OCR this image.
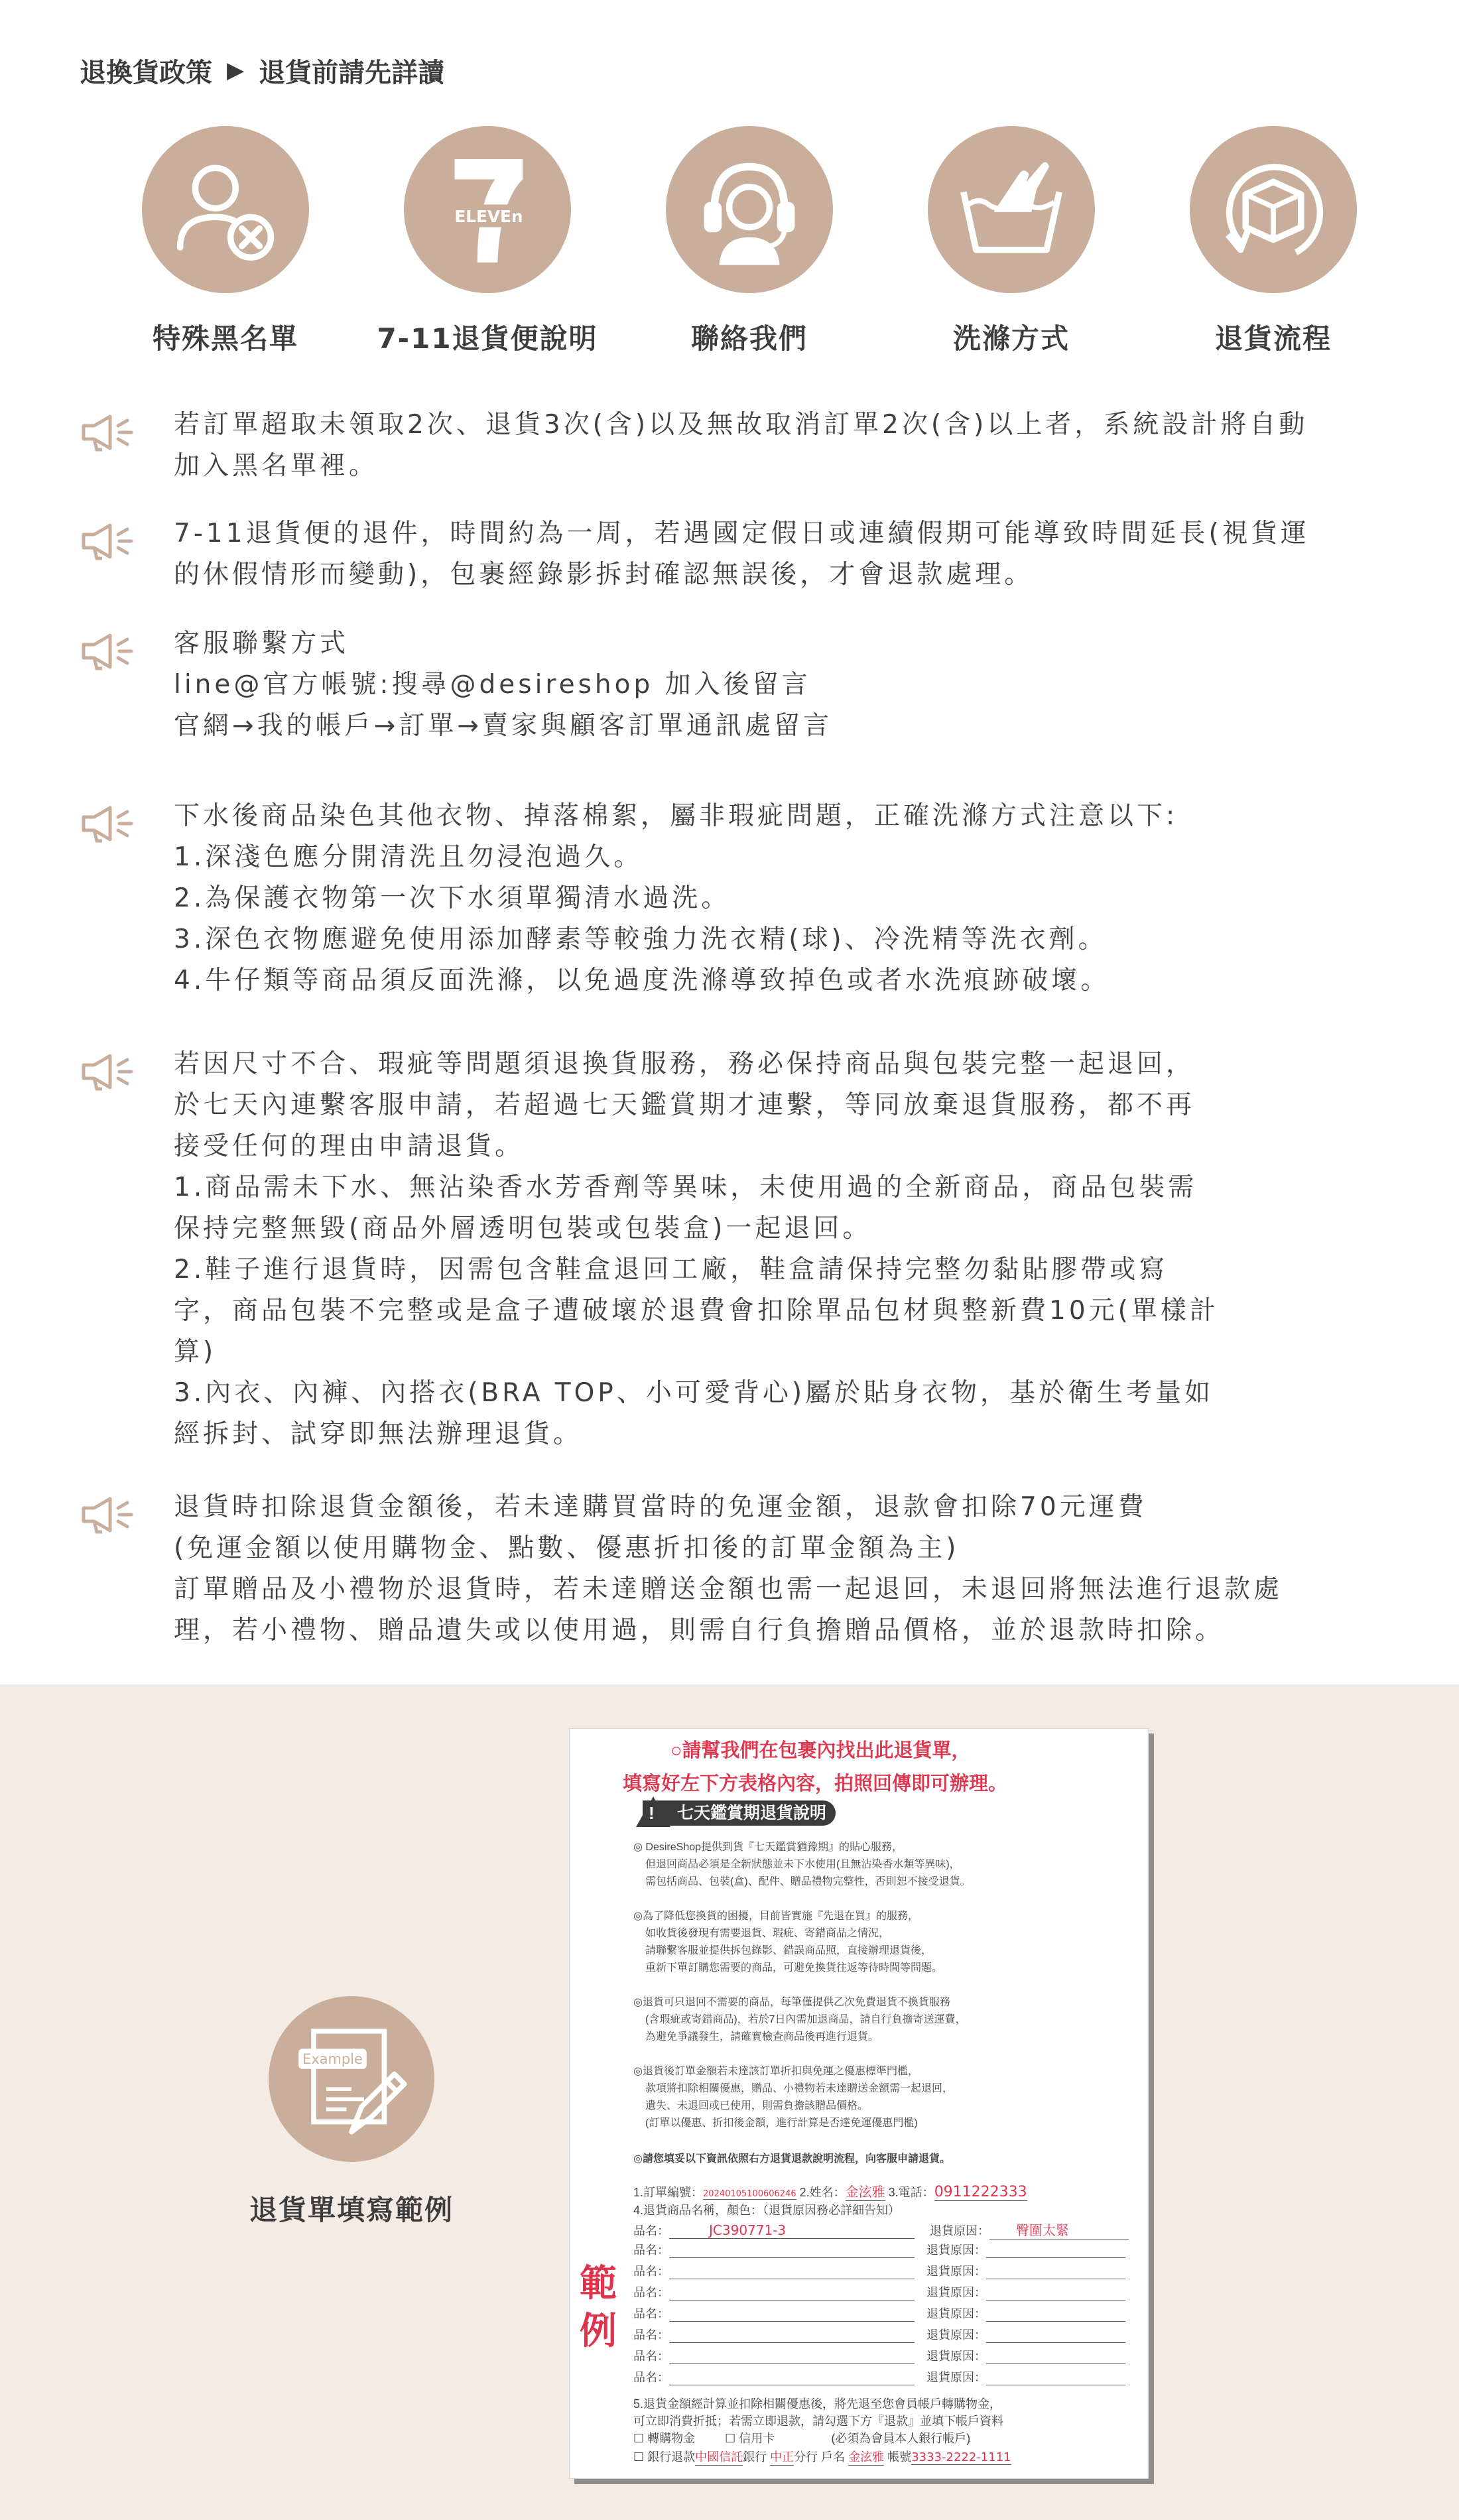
退換貨政策 ▶ 退貨前請先詳讀
特殊黑名單
ELEVEn
7-11退貨便說明	聯絡我們	洗滌方式	退貨流程
若訂單超取未領取2次、退貨3次(含)以及無故取消訂單2次(含)以上者，系統設計將自動
加入黑名單裡。
7-11退貨便的退件，時間約為一周，若遇國定假日或連續假期可能導致時間延長(視貨運
的休假情形而變動)，包裹經錄影拆封確認無誤後，才會退款處理。
客服聯繫方式
line@官方帳號:搜尋@desireshop 加入後留言
官網→我的帳戶→訂單→賣家與顧客訂單通訊處留言
下水後商品染色其他衣物、掉落棉絮，屬非瑕疵問題，正確洗滌方式注意以下:
1.深淺色應分開清洗且勿浸泡過久。
2.為保護衣物第一次下水須單獨清水過洗。
3.深色衣物應避免使用添加酵素等較強力洗衣精(球)、冷洗精等洗衣劑。
4.牛仔類等商品須反面洗滌，以免過度洗滌導致掉色或者水洗痕跡破壞。
若因尺寸不合、瑕疵等問題須退換貨服務，務必保持商品與包裝完整一起退回，
於七天內連繫客服申請，若超過七天鑑賞期才連繫，等同放棄退貨服務，都不再
接受任何的理由申請退貨。
1.商品需未下水、無沾染香水芳香劑等異味，未使用過的全新商品，商品包裝需
保持完整無毀(商品外層透明包裝或包裝盒)一起退回。
2.鞋子進行退貨時，因需包含鞋盒退回工廠，鞋盒請保持完整勿黏貼膠帶或寫
字，商品包裝不完整或是盒子遭破壞於退費會扣除單品包材與整新費10元(單樣計
算)
3.內衣、內褲、內搭衣(BRA TOP、小可愛背心)屬於貼身衣物，基於衛生考量如
經拆封、試穿即無法辦理退貨。
退貨時扣除退貨金額後，若未達購買當時的免運金額，退款會扣除70元運費
(免運金額以使用購物金、點數、優惠折扣後的訂單金額為主)
訂單贈品及小禮物於退貨時，若未達贈送金額也需一起退回，未退回將無法進行退款處
理，若小禮物、贈品遺失或以使用過，則需自行負擔贈品價格，並於退款時扣除。
Example
退貨單填寫範例
○請幫我們在包裹內找出此退貨單，
填寫好左下方表格內容，拍照回傳即可辦理。
七天鑑賞期退貨說明
!
◎ DesireShop提供到貨『七天鑑賞猶豫期』的貼心服務，
但退回商品必須是全新狀態並未下水使用(且無沾染香水類等異味)，
需包括商品、包裝(盒)、配件、贈品禮物完整性，否則恕不接受退貨。
◎為了降低您換貨的困擾，目前皆實施『先退在買』的服務，
如收貨後發現有需要退貨、瑕疵、寄錯商品之情況，
請聯繫客服並提供拆包錄影、錯誤商品照，直接辦理退貨後，
重新下單訂購您需要的商品，可避免換貨往返等待時間等問題。
◎退貨可只退回不需要的商品，每筆僅提供乙次免費退貨不換貨服務
(含瑕疵或寄錯商品)，若於7日內需加退商品，請自行負擔寄送運費，
為避免爭議發生，請確實檢查商品後再進行退貨。
◎退貨後訂單金額若未達該訂單折扣與免運之優惠標準門檻，
款項將扣除相關優惠，贈品、小禮物若未達贈送金額需一起退回，
遺失、未退回或已使用，則需負擔該贈品價格。
(訂單以優惠、折扣後金額，進行計算是否達免運優惠門檻)
◎請您填妥以下資訊依照右方退貨退款說明流程，向客服申請退貨。
1.訂單編號：20240105100606246 2.姓名：金泫雅 3.電話：0911222333
4.退貨商品名稱，顏色：（退貨原因務必詳細告知）
品名：	JC390771-3	退貨原因： 臀圍太緊
品名：	退貨原因：
品名：	退貨原因：
品名：	退貨原因：
品名：	退貨原因：
品名：	退貨原因：
品名：	退貨原因：
品名：	退貨原因：
範例
5.退貨金額經計算並扣除相關優惠後，將先退至您會員帳戶轉購物金，
可立即消費折抵；若需立即退款，請勾選下方『退款』並填下帳戶資料
☐ 轉購物金	☐ 信用卡	(必須為會員本人銀行帳戶)
☐ 銀行退款中國信託銀行 中正分行 戶名 金泫雅 帳號3333-2222-1111
